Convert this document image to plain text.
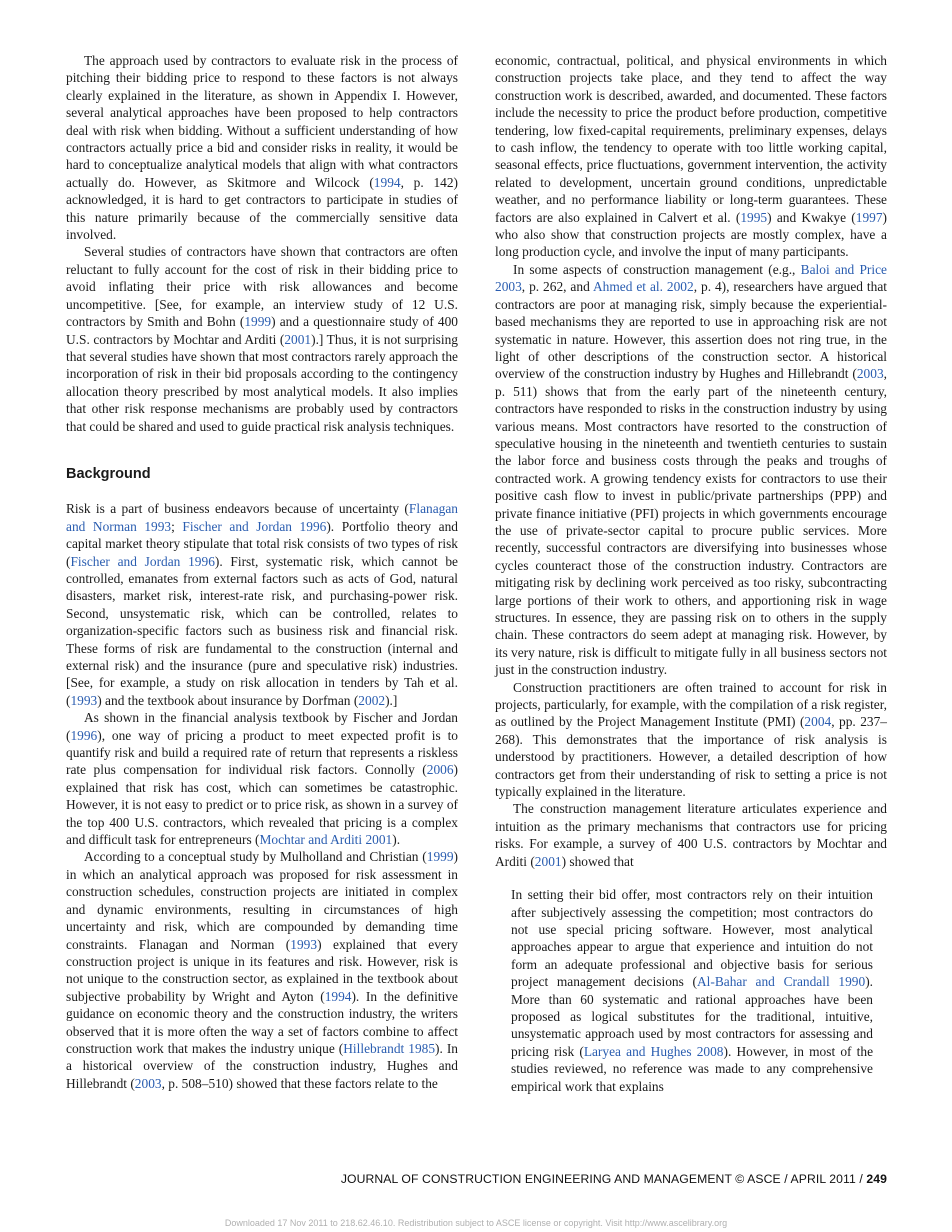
The approach used by contractors to evaluate risk in the process of pitching their bidding price to respond to these factors is not always clearly explained in the literature, as shown in Appendix I. However, several analytical approaches have been proposed to help contractors deal with risk when bidding. Without a sufficient understanding of how contractors actually price a bid and consider risks in reality, it would be hard to conceptualize analytical models that align with what contractors actually do. However, as Skitmore and Wilcock (1994, p. 142) acknowledged, it is hard to get contractors to participate in studies of this nature primarily because of the commercially sensitive data involved.

Several studies of contractors have shown that contractors are often reluctant to fully account for the cost of risk in their bidding price to avoid inflating their price with risk allowances and become uncompetitive. [See, for example, an interview study of 12 U.S. contractors by Smith and Bohn (1999) and a questionnaire study of 400 U.S. contractors by Mochtar and Arditi (2001).] Thus, it is not surprising that several studies have shown that most contractors rarely approach the incorporation of risk in their bid proposals according to the contingency allocation theory prescribed by most analytical models. It also implies that other risk response mechanisms are probably used by contractors that could be shared and used to guide practical risk analysis techniques.

Background

Risk is a part of business endeavors because of uncertainty (Flanagan and Norman 1993; Fischer and Jordan 1996). Portfolio theory and capital market theory stipulate that total risk consists of two types of risk (Fischer and Jordan 1996). First, systematic risk, which cannot be controlled, emanates from external factors such as acts of God, natural disasters, market risk, interest-rate risk, and purchasing-power risk. Second, unsystematic risk, which can be controlled, relates to organization-specific factors such as business risk and financial risk. These forms of risk are fundamental to the construction (internal and external risk) and the insurance (pure and speculative risk) industries. [See, for example, a study on risk allocation in tenders by Tah et al. (1993) and the textbook about insurance by Dorfman (2002).]

As shown in the financial analysis textbook by Fischer and Jordan (1996), one way of pricing a product to meet expected profit is to quantify risk and build a required rate of return that represents a riskless rate plus compensation for individual risk factors. Connolly (2006) explained that risk has cost, which can sometimes be catastrophic. However, it is not easy to predict or to price risk, as shown in a survey of the top 400 U.S. contractors, which revealed that pricing is a complex and difficult task for entrepreneurs (Mochtar and Arditi 2001).

According to a conceptual study by Mulholland and Christian (1999) in which an analytical approach was proposed for risk assessment in construction schedules, construction projects are initiated in complex and dynamic environments, resulting in circumstances of high uncertainty and risk, which are compounded by demanding time constraints. Flanagan and Norman (1993) explained that every construction project is unique in its features and risk. However, risk is not unique to the construction sector, as explained in the textbook about subjective probability by Wright and Ayton (1994). In the definitive guidance on economic theory and the construction industry, the writers observed that it is more often the way a set of factors combine to affect construction work that makes the industry unique (Hillebrandt 1985). In a historical overview of the construction industry, Hughes and Hillebrandt (2003, p. 508–510) showed that these factors relate to the

economic, contractual, political, and physical environments in which construction projects take place, and they tend to affect the way construction work is described, awarded, and documented. These factors include the necessity to price the product before production, competitive tendering, low fixed-capital requirements, preliminary expenses, delays to cash inflow, the tendency to operate with too little working capital, seasonal effects, price fluctuations, government intervention, the activity related to development, uncertain ground conditions, unpredictable weather, and no performance liability or long-term guarantees. These factors are also explained in Calvert et al. (1995) and Kwakye (1997) who also show that construction projects are mostly complex, have a long production cycle, and involve the input of many participants.

In some aspects of construction management (e.g., Baloi and Price 2003, p. 262, and Ahmed et al. 2002, p. 4), researchers have argued that contractors are poor at managing risk, simply because the experiential-based mechanisms they are reported to use in approaching risk are not systematic in nature. However, this assertion does not ring true, in the light of other descriptions of the construction sector. A historical overview of the construction industry by Hughes and Hillebrandt (2003, p. 511) shows that from the early part of the nineteenth century, contractors have responded to risks in the construction industry by using various means. Most contractors have resorted to the construction of speculative housing in the nineteenth and twentieth centuries to sustain the labor force and business costs through the peaks and troughs of contracted work. A growing tendency exists for contractors to use their positive cash flow to invest in public/private partnerships (PPP) and private finance initiative (PFI) projects in which governments encourage the use of private-sector capital to procure public services. More recently, successful contractors are diversifying into businesses whose cycles counteract those of the construction industry. Contractors are mitigating risk by declining work perceived as too risky, subcontracting large portions of their work to others, and apportioning risk in wage structures. In essence, they are passing risk on to others in the supply chain. These contractors do seem adept at managing risk. However, by its very nature, risk is difficult to mitigate fully in all business sectors not just in the construction industry.

Construction practitioners are often trained to account for risk in projects, particularly, for example, with the compilation of a risk register, as outlined by the Project Management Institute (PMI) (2004, pp. 237–268). This demonstrates that the importance of risk analysis is understood by practitioners. However, a detailed description of how contractors get from their understanding of risk to setting a price is not typically explained in the literature.

The construction management literature articulates experience and intuition as the primary mechanisms that contractors use for pricing risks. For example, a survey of 400 U.S. contractors by Mochtar and Arditi (2001) showed that

In setting their bid offer, most contractors rely on their intuition after subjectively assessing the competition; most contractors do not use special pricing software. However, most analytical approaches appear to argue that experience and intuition do not form an adequate professional and objective basis for serious project management decisions (Al-Bahar and Crandall 1990). More than 60 systematic and rational approaches have been proposed as logical substitutes for the traditional, intuitive, unsystematic approach used by most contractors for assessing and pricing risk (Laryea and Hughes 2008). However, in most of the studies reviewed, no reference was made to any comprehensive empirical work that explains

JOURNAL OF CONSTRUCTION ENGINEERING AND MANAGEMENT © ASCE / APRIL 2011 / 249
Downloaded 17 Nov 2011 to 218.62.46.10. Redistribution subject to ASCE license or copyright. Visit http://www.ascelibrary.org
